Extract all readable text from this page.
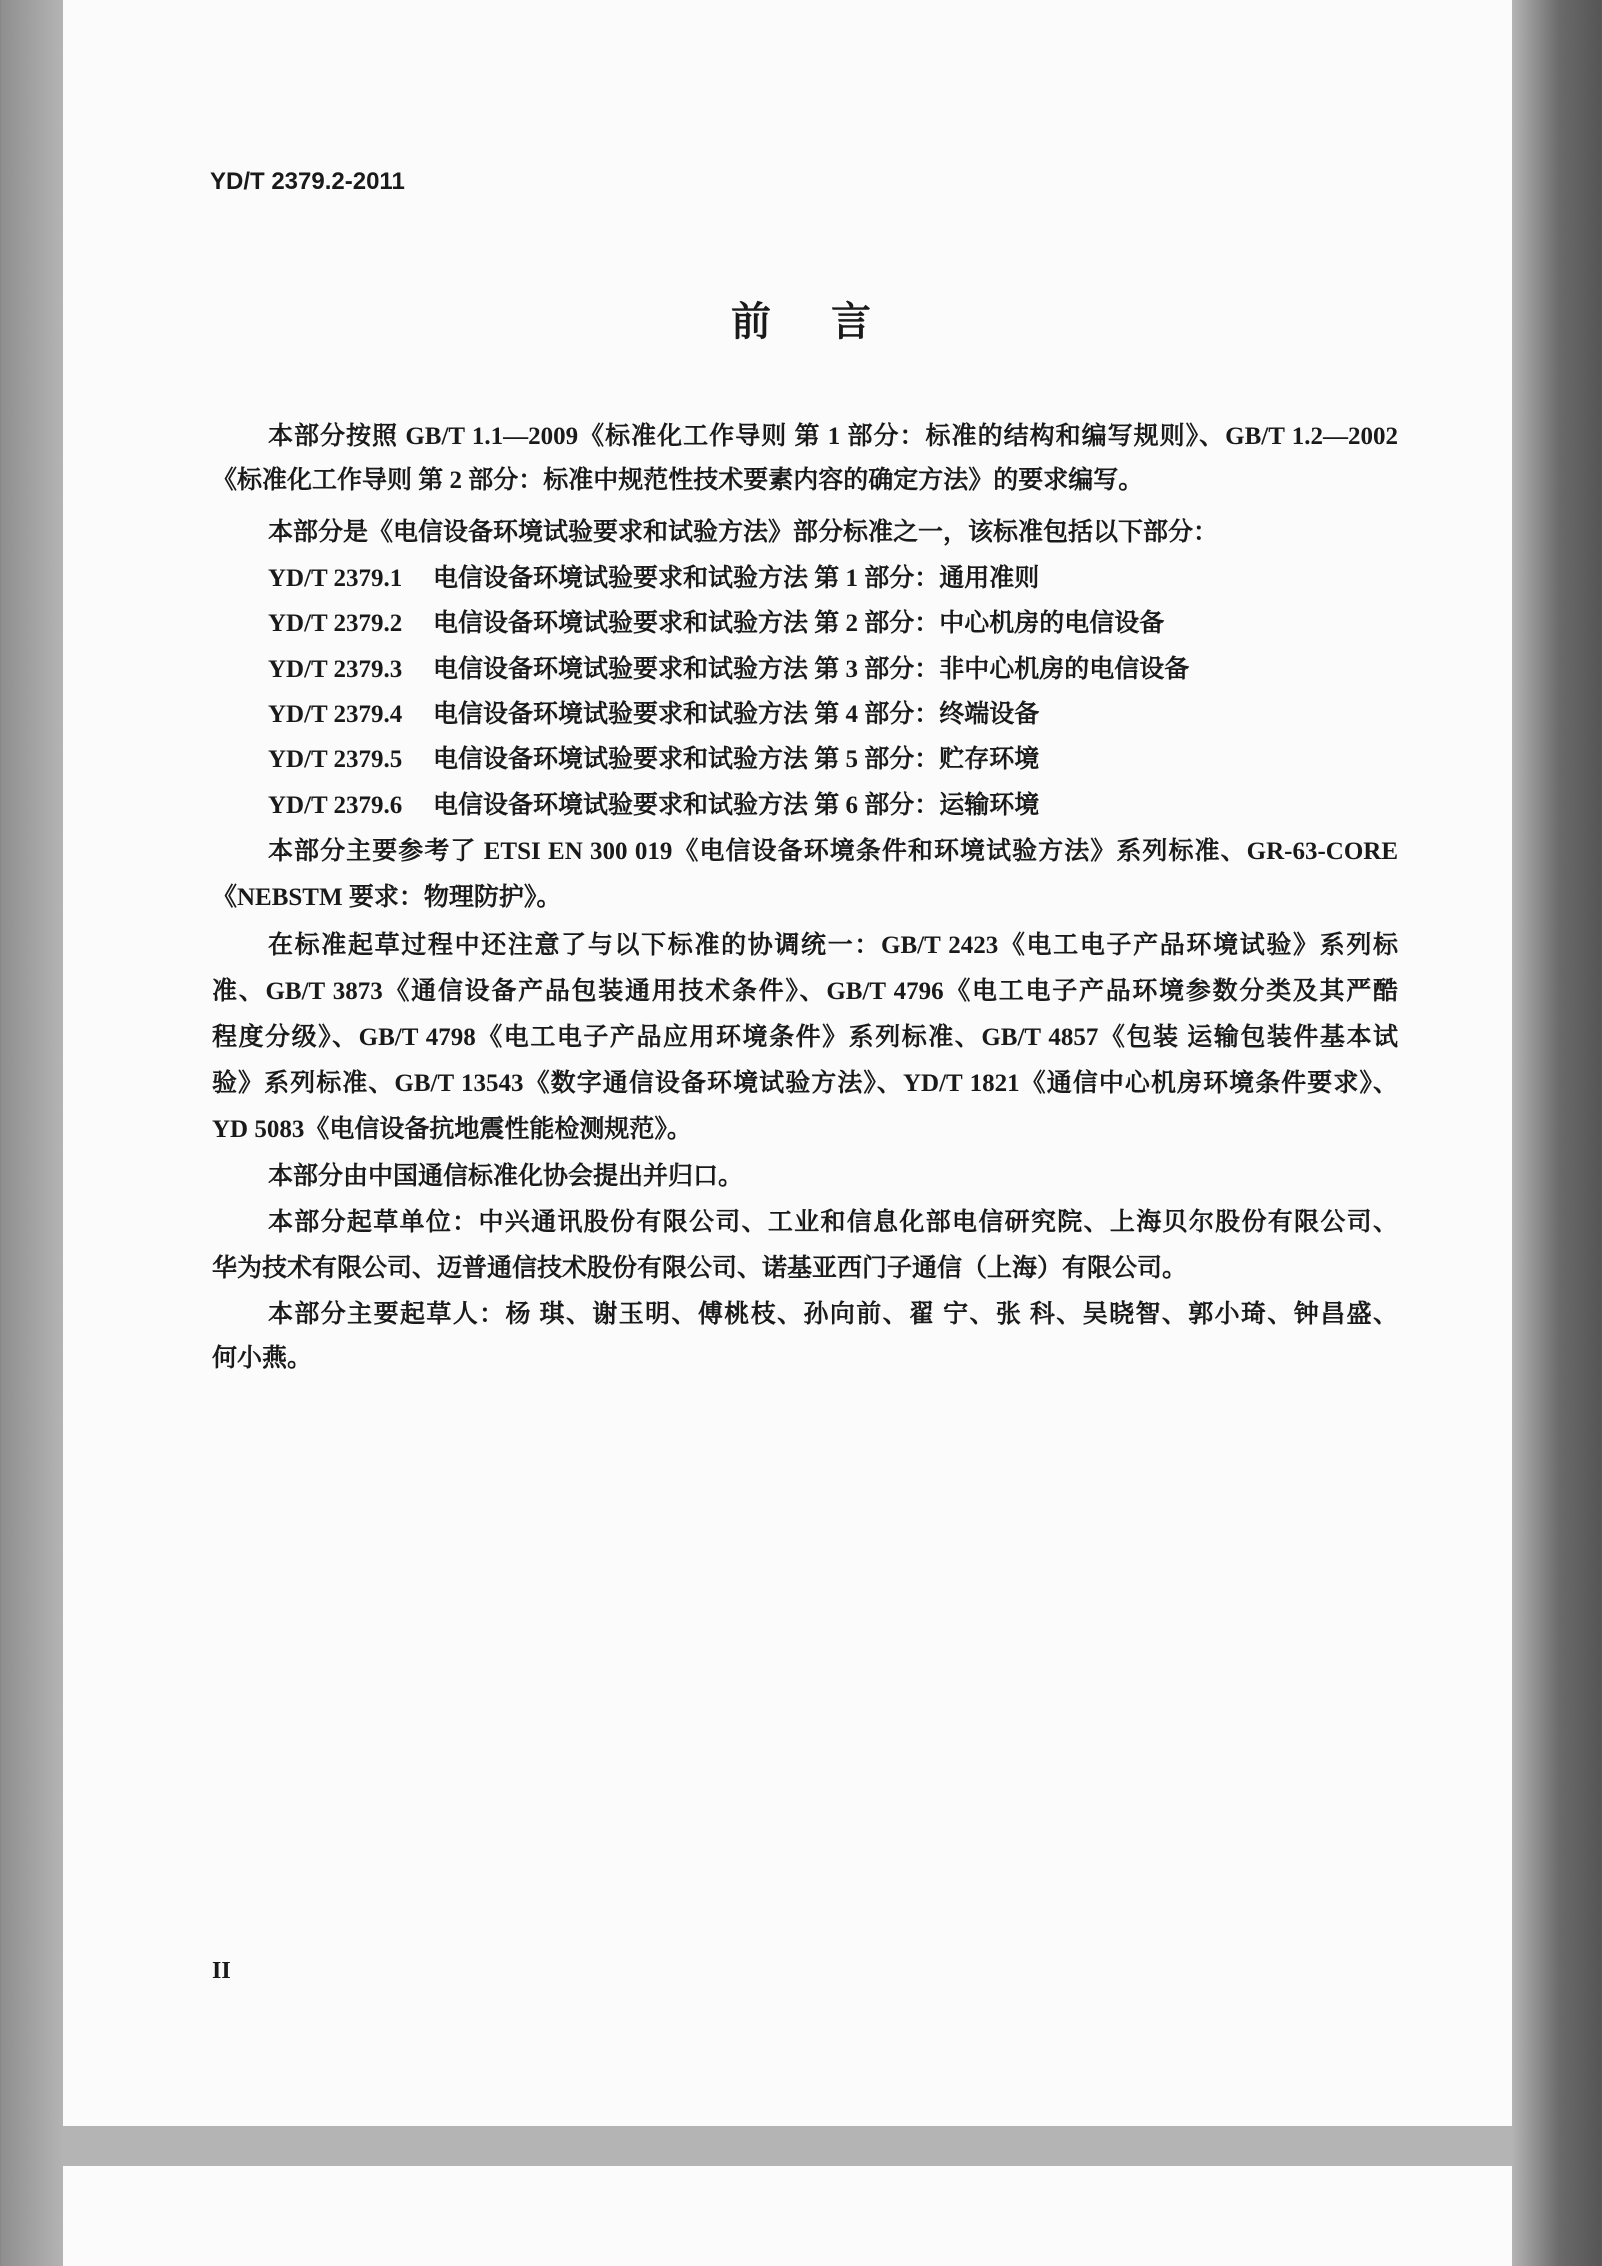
YD/T 2379.2-2011
前言
本部分按照 GB/T 1.1—2009《标准化工作导则 第 1 部分：标准的结构和编写规则》、GB/T 1.2—2002
《标准化工作导则 第 2 部分：标准中规范性技术要素内容的确定方法》的要求编写。
本部分是《电信设备环境试验要求和试验方法》部分标准之一，该标准包括以下部分：
YD/T 2379.1 电信设备环境试验要求和试验方法 第 1 部分：通用准则
YD/T 2379.2 电信设备环境试验要求和试验方法 第 2 部分：中心机房的电信设备
YD/T 2379.3 电信设备环境试验要求和试验方法 第 3 部分：非中心机房的电信设备
YD/T 2379.4 电信设备环境试验要求和试验方法 第 4 部分：终端设备
YD/T 2379.5 电信设备环境试验要求和试验方法 第 5 部分：贮存环境
YD/T 2379.6 电信设备环境试验要求和试验方法 第 6 部分：运输环境
本部分主要参考了 ETSI EN 300 019《电信设备环境条件和环境试验方法》系列标准、GR-63-CORE
《NEBSTM 要求：物理防护》。
在标准起草过程中还注意了与以下标准的协调统一：GB/T 2423《电工电子产品环境试验》系列标
准、GB/T 3873《通信设备产品包装通用技术条件》、GB/T 4796《电工电子产品环境参数分类及其严酷
程度分级》、GB/T 4798《电工电子产品应用环境条件》系列标准、GB/T 4857《包装 运输包装件基本试
验》系列标准、GB/T 13543《数字通信设备环境试验方法》、YD/T 1821《通信中心机房环境条件要求》、
YD 5083《电信设备抗地震性能检测规范》。
本部分由中国通信标准化协会提出并归口。
本部分起草单位：中兴通讯股份有限公司、工业和信息化部电信研究院、上海贝尔股份有限公司、
华为技术有限公司、迈普通信技术股份有限公司、诺基亚西门子通信（上海）有限公司。
本部分主要起草人：杨 琪、谢玉明、傅桃枝、孙向前、翟 宁、张 科、吴晓智、郭小琦、钟昌盛、
何小燕。
II
